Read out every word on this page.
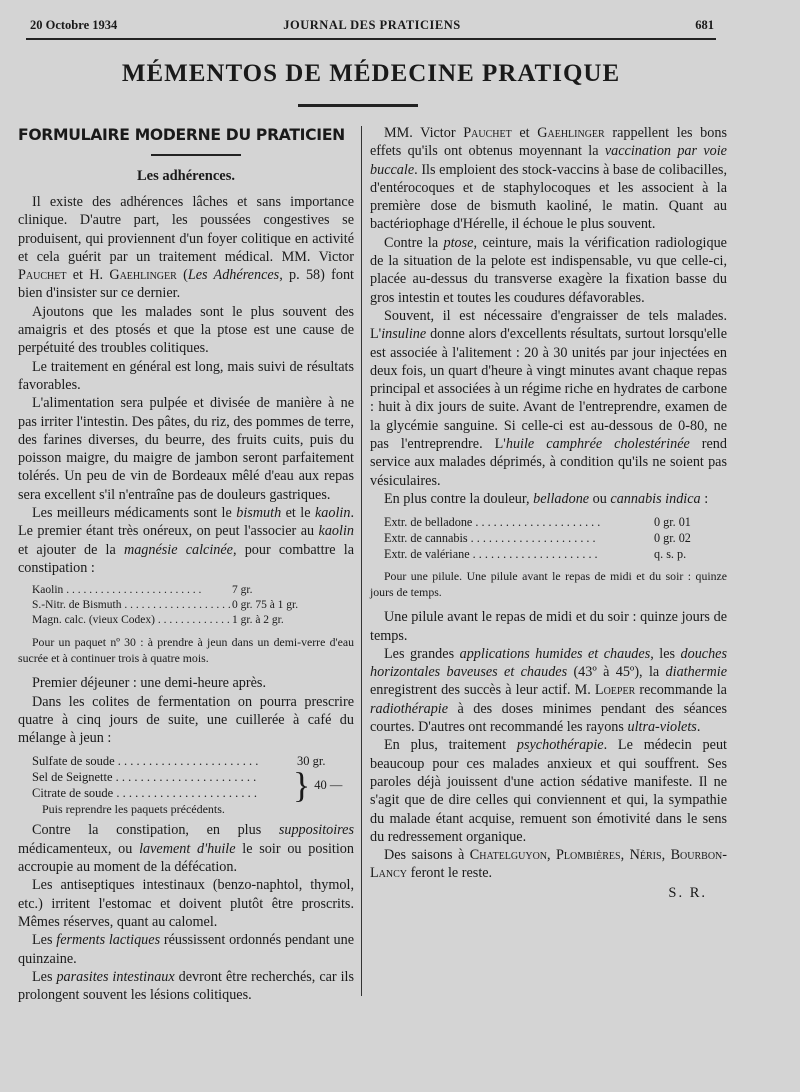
20 Octobre 1934	JOURNAL DES PRATICIENS	681
MÉMENTOS DE MÉDECINE PRATIQUE
FORMULAIRE MODERNE DU PRATICIEN
Les adhérences.

Il existe des adhérences lâches et sans importance clinique. D'autre part, les poussées congestives se produisent, qui proviennent d'un foyer colitique en activité et cela guérit par un traitement médical. MM. Victor Pauchet et H. Gaehlinger (Les Adhérences, p. 58) font bien d'insister sur ce dernier.

Ajoutons que les malades sont le plus souvent des amaigris et des ptosés et que la ptose est une cause de perpétuité des troubles colitiques.

Le traitement en général est long, mais suivi de résultats favorables.

L'alimentation sera pulpée et divisée de manière à ne pas irriter l'intestin. Des pâtes, du riz, des pommes de terre, des farines diverses, du beurre, des fruits cuits, puis du poisson maigre, du maigre de jambon seront parfaitement tolérés. Un peu de vin de Bordeaux mêlé d'eau aux repas sera excellent s'il n'entraîne pas de douleurs gastriques.

Les meilleurs médicaments sont le bismuth et le kaolin. Le premier étant très onéreux, on peut l'associer au kaolin et ajouter de la magnésie calcinée, pour combattre la constipation :

Kaolin . . .	7 gr.
S.-Nitr. de Bismuth . . .	0 gr. 75 à 1 gr.
Magn. calc. (vieux Codex) . . .	1 gr. à 2 gr.
Pour un paquet nº 30 : à prendre à jeun dans un demi-verre d'eau sucrée et à continuer trois à quatre mois.

Premier déjeuner : une demi-heure après.

Dans les colites de fermentation on pourra prescrire quatre à cinq jours de suite, une cuillerée à café du mélange à jeun :

Sulfate de soude . . .	30 gr.
Sel de Seignette . . .
Citrate de soude . . .	} 40 —
Puis reprendre les paquets précédents.

Contre la constipation, en plus suppositoires médicamenteux, ou lavement d'huile le soir ou position accroupie au moment de la défécation.

Les antiseptiques intestinaux (benzo-naphtol, thymol, etc.) irritent l'estomac et doivent plutôt être proscrits. Mêmes réserves, quant au calomel.

Les ferments lactiques réussissent ordonnés pendant une quinzaine.

Les parasites intestinaux devront être recherchés, car ils prolongent souvent les lésions colitiques.

MM. Victor Pauchet et Gaehlinger rappellent les bons effets qu'ils ont obtenus moyennant la vaccination par voie buccale. Ils emploient des stock-vaccins à base de colibacilles, d'entérocoques et de staphylocoques et les associent à la première dose de bismuth kaoliné, le matin. Quant au bactériophage d'Hérelle, il échoue le plus souvent.

Contre la ptose, ceinture, mais la vérification radiologique de la situation de la pelote est indispensable, vu que celle-ci, placée au-dessus du transverse exagère la fixation basse du gros intestin et toutes les coudures défavorables.

Souvent, il est nécessaire d'engraisser de tels malades. L'insuline donne alors d'excellents résultats, surtout lorsqu'elle est associée à l'alitement : 20 à 30 unités par jour injectées en deux fois, un quart d'heure à vingt minutes avant chaque repas principal et associées à un régime riche en hydrates de carbone : huit à dix jours de suite. Avant de l'entreprendre, examen de la glycémie sanguine. Si celle-ci est au-dessous de 0-80, ne pas l'entreprendre. L'huile camphrée cholestérinée rend service aux malades déprimés, à condition qu'ils ne soient pas vésiculaires.

En plus contre la douleur, belladone ou cannabis indica :

Extr. de belladone . . .	0 gr. 01
Extr. de cannabis . . .	0 gr. 02
Extr. de valériane . . .	q. s. p.
Pour une pilule. Une pilule avant le repas de midi et du soir : quinze jours de temps.

Une pilule avant le repas de midi et du soir : quinze jours de temps.

Les grandes applications humides et chaudes, les douches horizontales baveuses et chaudes (43º à 45º), la diathermie enregistrent des succès à leur actif. M. Loeper recommande la radiothérapie à des doses minimes pendant des séances courtes. D'autres ont recommandé les rayons ultra-violets.

En plus, traitement psychothérapie. Le médecin peut beaucoup pour ces malades anxieux et qui souffrent. Ses paroles déjà jouissent d'une action sédative manifeste. Il ne s'agit que de dire celles qui conviennent et qui, la sympathie du malade étant acquise, remuent son émotivité dans le sens du redressement organique.

Des saisons à Chatelguyon, Plombières, Néris, Bourbon-Lancy feront le reste.

S. R.
